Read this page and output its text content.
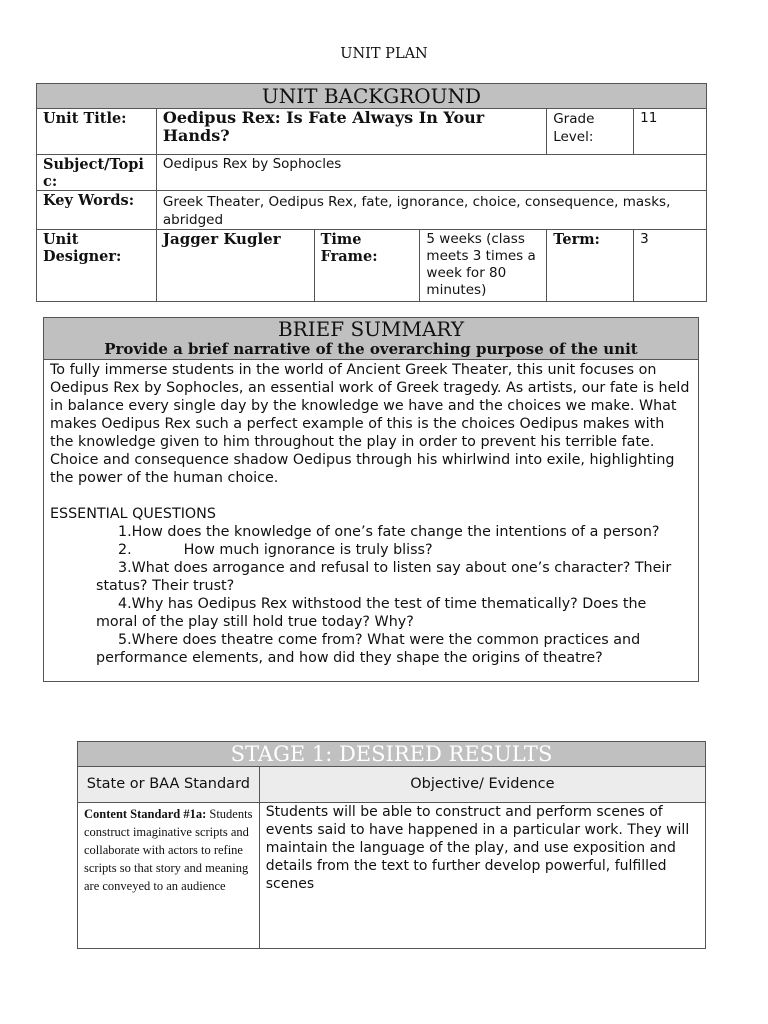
UNIT PLAN
UNIT BACKGROUND					
Unit Title:	Oedipus Rex: Is Fate Always In Your Hands?			Grade Level:	11
Subject/Topic:	Oedipus Rex by Sophocles				
Key Words:	Greek Theater, Oedipus Rex, fate, ignorance, choice, consequence, masks, abridged				
Unit Designer:	Jagger Kugler	Time Frame:	5 weeks (class meets 3 times a week for 80 minutes)	Term:	3
BRIEF SUMMARY
Provide a brief narrative of the overarching purpose of the unit

To fully immerse students in the world of Ancient Greek Theater, this unit focuses on Oedipus Rex by Sophocles, an essential work of Greek tragedy. As artists, our fate is held in balance every single day by the knowledge we have and the choices we make. What makes Oedipus Rex such a perfect example of this is the choices Oedipus makes with the knowledge given to him throughout the play in order to prevent his terrible fate. Choice and consequence shadow Oedipus through his whirlwind into exile, highlighting the power of the human choice.

ESSENTIAL QUESTIONS

1.How does the knowledge of one’s fate change the intentions of a person?

2.	How much ignorance is truly bliss?

3.What does arrogance and refusal to listen say about one’s character? Their status? Their trust?

4.Why has Oedipus Rex withstood the test of time thematically? Does the moral of the play still hold true today? Why?

5.Where does theatre come from? What were the common practices and performance elements, and how did they shape the origins of theatre?

STAGE 1: DESIRED RESULTS	
State or BAA Standard	Objective/ Evidence
Content Standard #1a: Students construct imaginative scripts and collaborate with actors to refine scripts so that story and meaning are conveyed to an audience	Students will be able to construct and perform scenes of events said to have happened in a particular work. They will maintain the language of the play, and use exposition and details from the text to further develop powerful, fulfilled scenes
